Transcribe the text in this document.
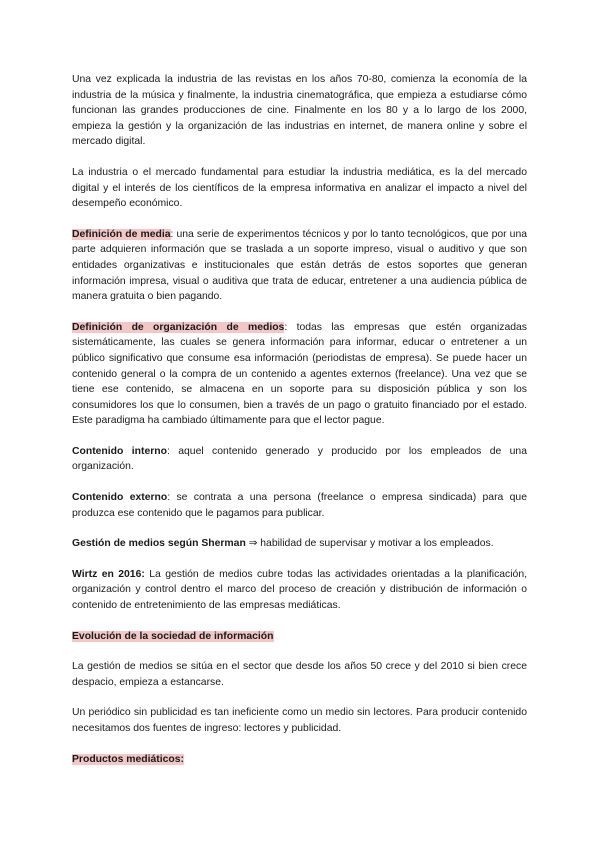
Una vez explicada la industria de las revistas en los años 70-80, comienza la economía de la industria de la música y finalmente, la industria cinematográfica, que empieza a estudiarse cómo funcionan las grandes producciones de cine. Finalmente en los 80 y a lo largo de los 2000, empieza la gestión y la organización de las industrias en internet, de manera online y sobre el mercado digital.

La industria o el mercado fundamental para estudiar la industria mediática, es la del mercado digital y el interés de los científicos de la empresa informativa en analizar el impacto a nivel del desempeño económico.

Definición de media: una serie de experimentos técnicos y por lo tanto tecnológicos, que por una parte adquieren información que se traslada a un soporte impreso, visual o auditivo y que son entidades organizativas e institucionales que están detrás de estos soportes que generan información impresa, visual o auditiva que trata de educar, entretener a una audiencia pública de manera gratuita o bien pagando.

Definición de organización de medios: todas las empresas que estén organizadas sistemáticamente, las cuales se genera información para informar, educar o entretener a un público significativo que consume esa información (periodistas de empresa). Se puede hacer un contenido general o la compra de un contenido a agentes externos (freelance). Una vez que se tiene ese contenido, se almacena en un soporte para su disposición pública y son los consumidores los que lo consumen, bien a través de un pago o gratuito financiado por el estado. Este paradigma ha cambiado últimamente para que el lector pague.

Contenido interno: aquel contenido generado y producido por los empleados de una organización.

Contenido externo: se contrata a una persona (freelance o empresa sindicada) para que produzca ese contenido que le pagamos para publicar.

Gestión de medios según Sherman ⇒ habilidad de supervisar y motivar a los empleados.

Wirtz en 2016: La gestión de medios cubre todas las actividades orientadas a la planificación, organización y control dentro el marco del proceso de creación y distribución de información o contenido de entretenimiento de las empresas mediáticas.

Evolución de la sociedad de información

La gestión de medios se sitúa en el sector que desde los años 50 crece y del 2010 si bien crece despacio, empieza a estancarse.

Un periódico sin publicidad es tan ineficiente como un medio sin lectores. Para producir contenido necesitamos dos fuentes de ingreso: lectores y publicidad.

Productos mediáticos:
